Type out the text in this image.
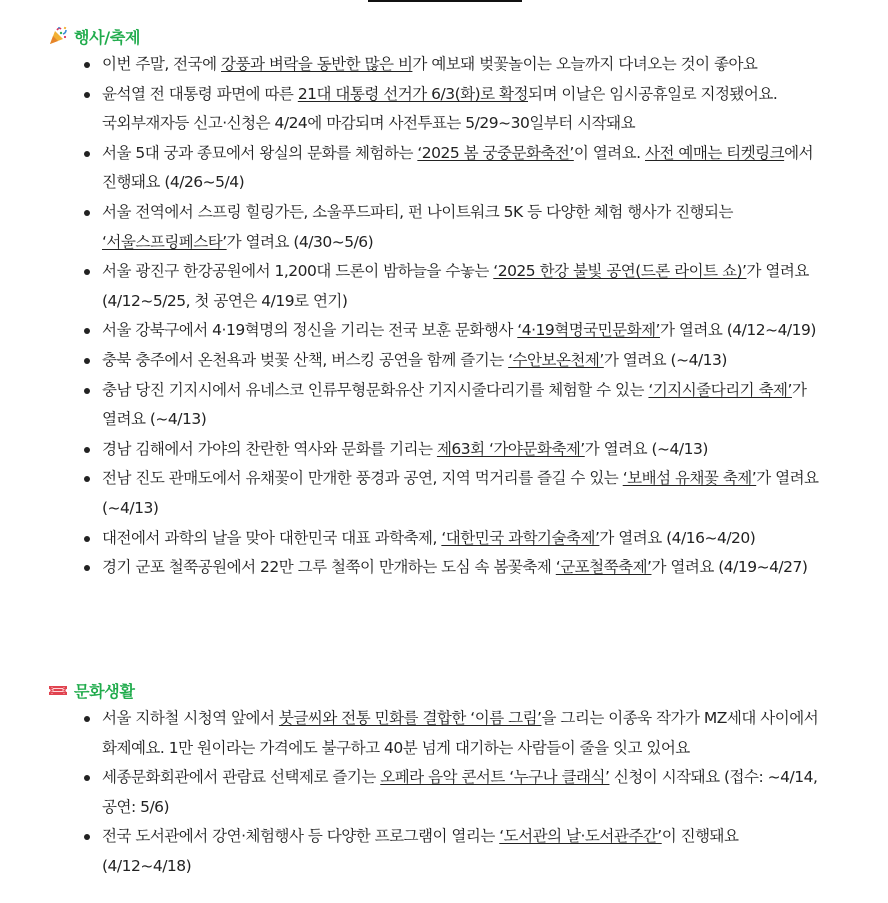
행사/축제
이번 주말, 전국에 강풍과 벼락을 동반한 많은 비가 예보돼 벚꽃놀이는 오늘까지 다녀오는 것이 좋아요
윤석열 전 대통령 파면에 따른 21대 대통령 선거가 6/3(화)로 확정되며 이날은 임시공휴일로 지정됐어요. 국외부재자등 신고·신청은 4/24에 마감되며 사전투표는 5/29~30일부터 시작돼요
서울 5대 궁과 종묘에서 왕실의 문화를 체험하는 ‘2025 봄 궁중문화축전’이 열려요. 사전 예매는 티켓링크에서 진행돼요 (4/26~5/4)
서울 전역에서 스프링 힐링가든, 소울푸드파티, 펀 나이트워크 5K 등 다양한 체험 행사가 진행되는 ‘서울스프링페스타’가 열려요 (4/30~5/6)
서울 광진구 한강공원에서 1,200대 드론이 밤하늘을 수놓는 ‘2025 한강 불빛 공연(드론 라이트 쇼)’가 열려요 (4/12~5/25, 첫 공연은 4/19로 연기)
서울 강북구에서 4·19혁명의 정신을 기리는 전국 보훈 문화행사 ‘4·19혁명국민문화제’가 열려요 (4/12~4/19)
충북 충주에서 온천욕과 벚꽃 산책, 버스킹 공연을 함께 즐기는 ‘수안보온천제’가 열려요 (~4/13)
충남 당진 기지시에서 유네스코 인류무형문화유산 기지시줄다리기를 체험할 수 있는 ‘기지시줄다리기 축제’가 열려요 (~4/13)
경남 김해에서 가야의 찬란한 역사와 문화를 기리는 제63회 ‘가야문화축제’가 열려요 (~4/13)
전남 진도 관매도에서 유채꽃이 만개한 풍경과 공연, 지역 먹거리를 즐길 수 있는 ‘보배섬 유채꽃 축제’가 열려요 (~4/13)
대전에서 과학의 날을 맞아 대한민국 대표 과학축제, ‘대한민국 과학기술축제’가 열려요 (4/16~4/20)
경기 군포 철쭉공원에서 22만 그루 철쭉이 만개하는 도심 속 봄꽃축제 ‘군포철쭉축제’가 열려요 (4/19~4/27)
문화생활
서울 지하철 시청역 앞에서 붓글씨와 전통 민화를 결합한 ‘이름 그림’을 그리는 이종욱 작가가 MZ세대 사이에서 화제예요. 1만 원이라는 가격에도 불구하고 40분 넘게 대기하는 사람들이 줄을 잇고 있어요
세종문화회관에서 관람료 선택제로 즐기는 오페라 음악 콘서트 ‘누구나 클래식’ 신청이 시작돼요 (접수: ~4/14, 공연: 5/6)
전국 도서관에서 강연·체험행사 등 다양한 프로그램이 열리는 ‘도서관의 날·도서관주간’이 진행돼요 (4/12~4/18)
